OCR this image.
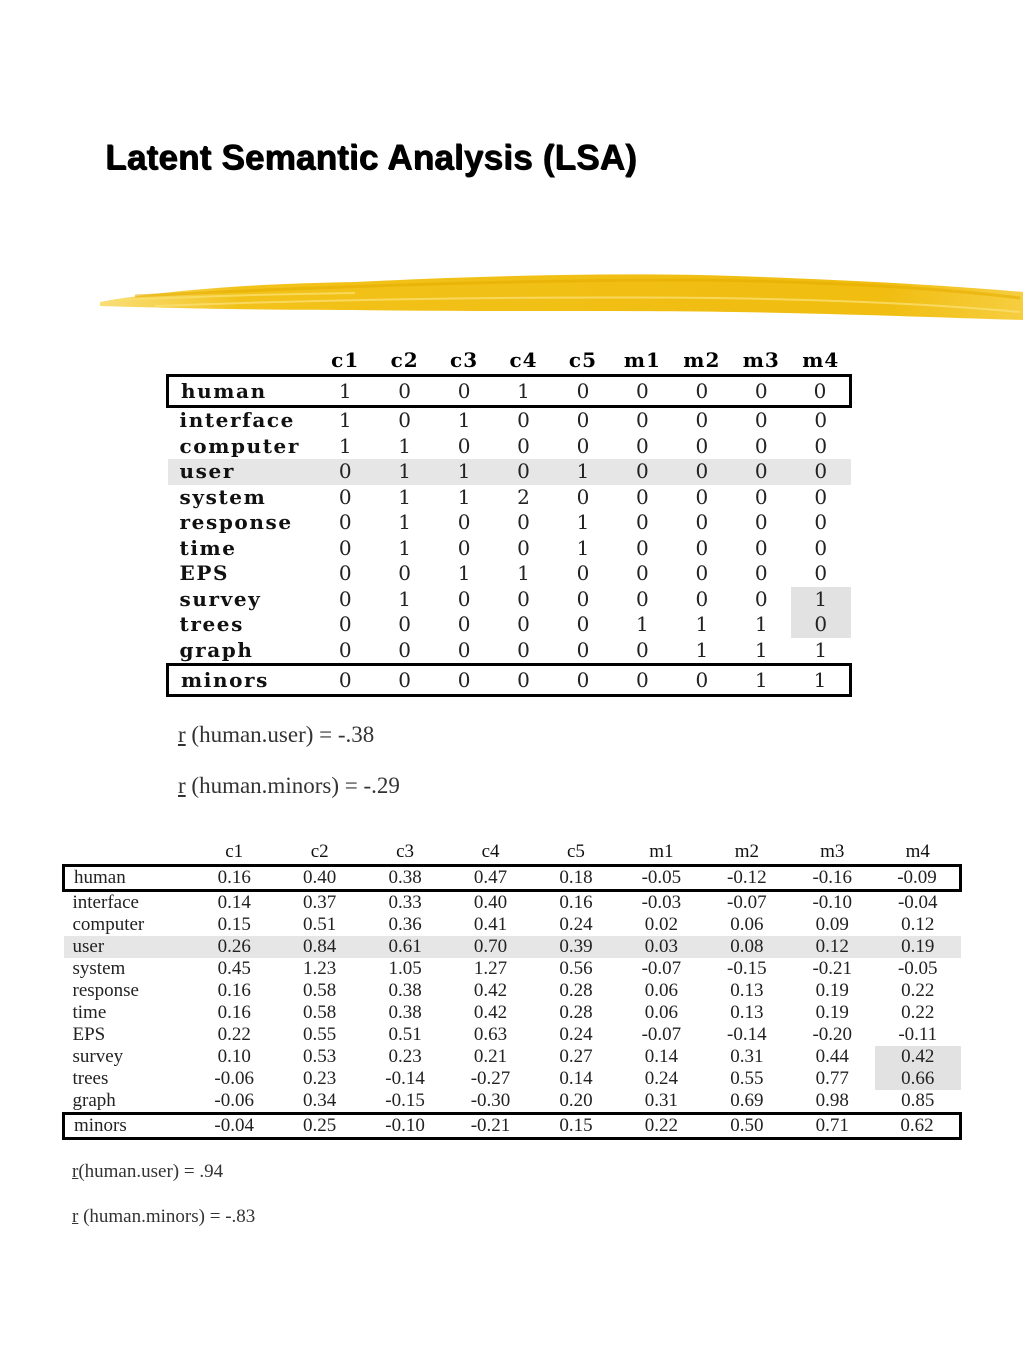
Latent Semantic Analysis (LSA)
	c1	c2	c3	c4	c5	m1	m2	m3	m4
human	1	0	0	1	0	0	0	0	0
interface	1	0	1	0	0	0	0	0	0
computer	1	1	0	0	0	0	0	0	0
user	0	1	1	0	1	0	0	0	0
system	0	1	1	2	0	0	0	0	0
response	0	1	0	0	1	0	0	0	0
time	0	1	0	0	1	0	0	0	0
EPS	0	0	1	1	0	0	0	0	0
survey	0	1	0	0	0	0	0	0	1
trees	0	0	0	0	0	1	1	1	0
graph	0	0	0	0	0	0	1	1	1
minors	0	0	0	0	0	0	0	1	1

r (human.user) = -.38

r (human.minors) = -.29

	c1	c2	c3	c4	c5	m1	m2	m3	m4
human	0.16	0.40	0.38	0.47	0.18	-0.05	-0.12	-0.16	-0.09
interface	0.14	0.37	0.33	0.40	0.16	-0.03	-0.07	-0.10	-0.04
computer	0.15	0.51	0.36	0.41	0.24	0.02	0.06	0.09	0.12
user	0.26	0.84	0.61	0.70	0.39	0.03	0.08	0.12	0.19
system	0.45	1.23	1.05	1.27	0.56	-0.07	-0.15	-0.21	-0.05
response	0.16	0.58	0.38	0.42	0.28	0.06	0.13	0.19	0.22
time	0.16	0.58	0.38	0.42	0.28	0.06	0.13	0.19	0.22
EPS	0.22	0.55	0.51	0.63	0.24	-0.07	-0.14	-0.20	-0.11
survey	0.10	0.53	0.23	0.21	0.27	0.14	0.31	0.44	0.42
trees	-0.06	0.23	-0.14	-0.27	0.14	0.24	0.55	0.77	0.66
graph	-0.06	0.34	-0.15	-0.30	0.20	0.31	0.69	0.98	0.85
minors	-0.04	0.25	-0.10	-0.21	0.15	0.22	0.50	0.71	0.62

r(human.user) = .94

r (human.minors) = -.83
